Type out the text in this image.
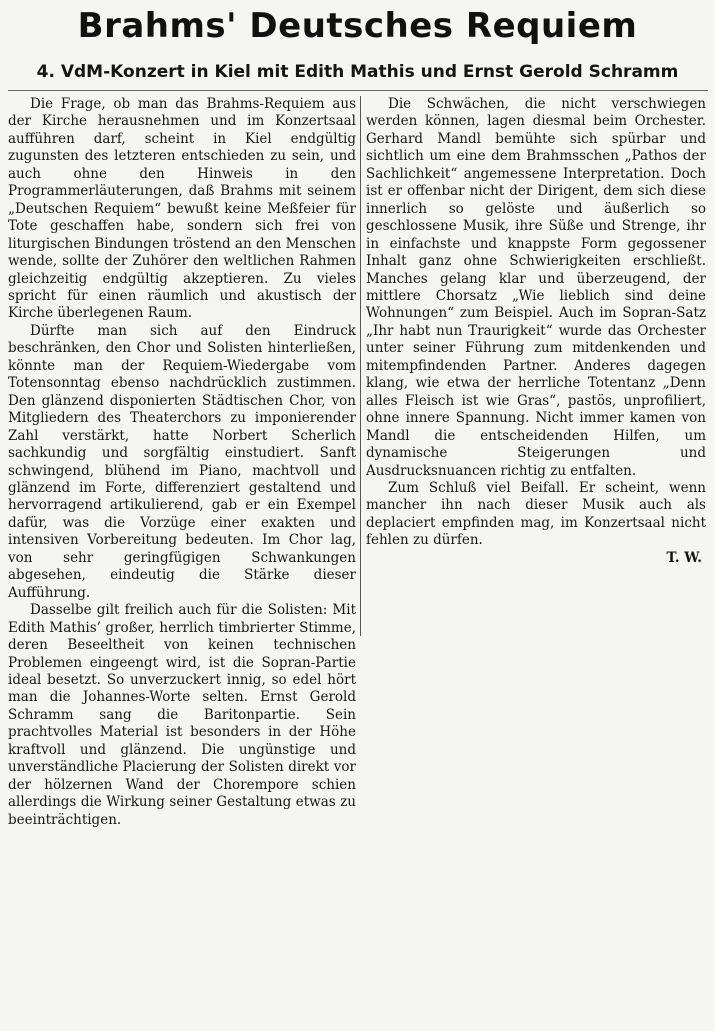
Brahms' Deutsches Requiem
4. VdM-Konzert in Kiel mit Edith Mathis und Ernst Gerold Schramm

Die Frage, ob man das Brahms-Requiem aus der Kirche herausnehmen und im Konzertsaal aufführen darf, scheint in Kiel endgültig zugunsten des letzteren entschieden zu sein, und auch ohne den Hinweis in den Programmerläuterungen, daß Brahms mit seinem „Deutschen Requiem“ bewußt keine Meßfeier für Tote geschaffen habe, sondern sich frei von liturgischen Bindungen tröstend an den Menschen wende, sollte der Zuhörer den weltlichen Rahmen gleichzeitig endgültig akzeptieren. Zu vieles spricht für einen räumlich und akustisch der Kirche überlegenen Raum.

Dürfte man sich auf den Eindruck beschränken, den Chor und Solisten hinterließen, könnte man der Requiem-Wiedergabe vom Totensonntag ebenso nachdrücklich zustimmen. Den glänzend disponierten Städtischen Chor, von Mitgliedern des Theaterchors zu imponierender Zahl verstärkt, hatte Norbert Scherlich sachkundig und sorgfältig einstudiert. Sanft schwingend, blühend im Piano, machtvoll und glänzend im Forte, differenziert gestaltend und hervorragend artikulierend, gab er ein Exempel dafür, was die Vorzüge einer exakten und intensiven Vorbereitung bedeuten. Im Chor lag, von sehr geringfügigen Schwankungen abgesehen, eindeutig die Stärke dieser Aufführung.

Dasselbe gilt freilich auch für die Solisten: Mit Edith Mathis’ großer, herrlich timbrierter Stimme, deren Beseeltheit von keinen technischen Problemen eingeengt wird, ist die Sopran-Partie ideal besetzt. So unverzuckert innig, so edel hört man die Johannes-Worte selten. Ernst Gerold Schramm sang die Baritonpartie. Sein prachtvolles Material ist besonders in der Höhe kraftvoll und glänzend. Die ungünstige und unverständliche Placierung der Solisten direkt vor der hölzernen Wand der Chorempore schien allerdings die Wirkung seiner Gestaltung etwas zu beeinträchtigen.

Die Schwächen, die nicht verschwiegen werden können, lagen diesmal beim Orchester. Gerhard Mandl bemühte sich spürbar und sichtlich um eine dem Brahmsschen „Pathos der Sachlichkeit“ angemessene Interpretation. Doch ist er offenbar nicht der Dirigent, dem sich diese innerlich so gelöste und äußerlich so geschlossene Musik, ihre Süße und Strenge, ihr in einfachste und knappste Form gegossener Inhalt ganz ohne Schwierigkeiten erschließt. Manches gelang klar und überzeugend, der mittlere Chorsatz „Wie lieblich sind deine Wohnungen“ zum Beispiel. Auch im Sopran-Satz „Ihr habt nun Traurigkeit“ wurde das Orchester unter seiner Führung zum mitdenkenden und mitempfindenden Partner. Anderes dagegen klang, wie etwa der herrliche Totentanz „Denn alles Fleisch ist wie Gras“, pastös, unprofiliert, ohne innere Spannung. Nicht immer kamen von Mandl die entscheidenden Hilfen, um dynamische Steigerungen und Ausdrucksnuancen richtig zu entfalten.

Zum Schluß viel Beifall. Er scheint, wenn mancher ihn nach dieser Musik auch als deplaciert empfinden mag, im Konzertsaal nicht fehlen zu dürfen.

T. W.
